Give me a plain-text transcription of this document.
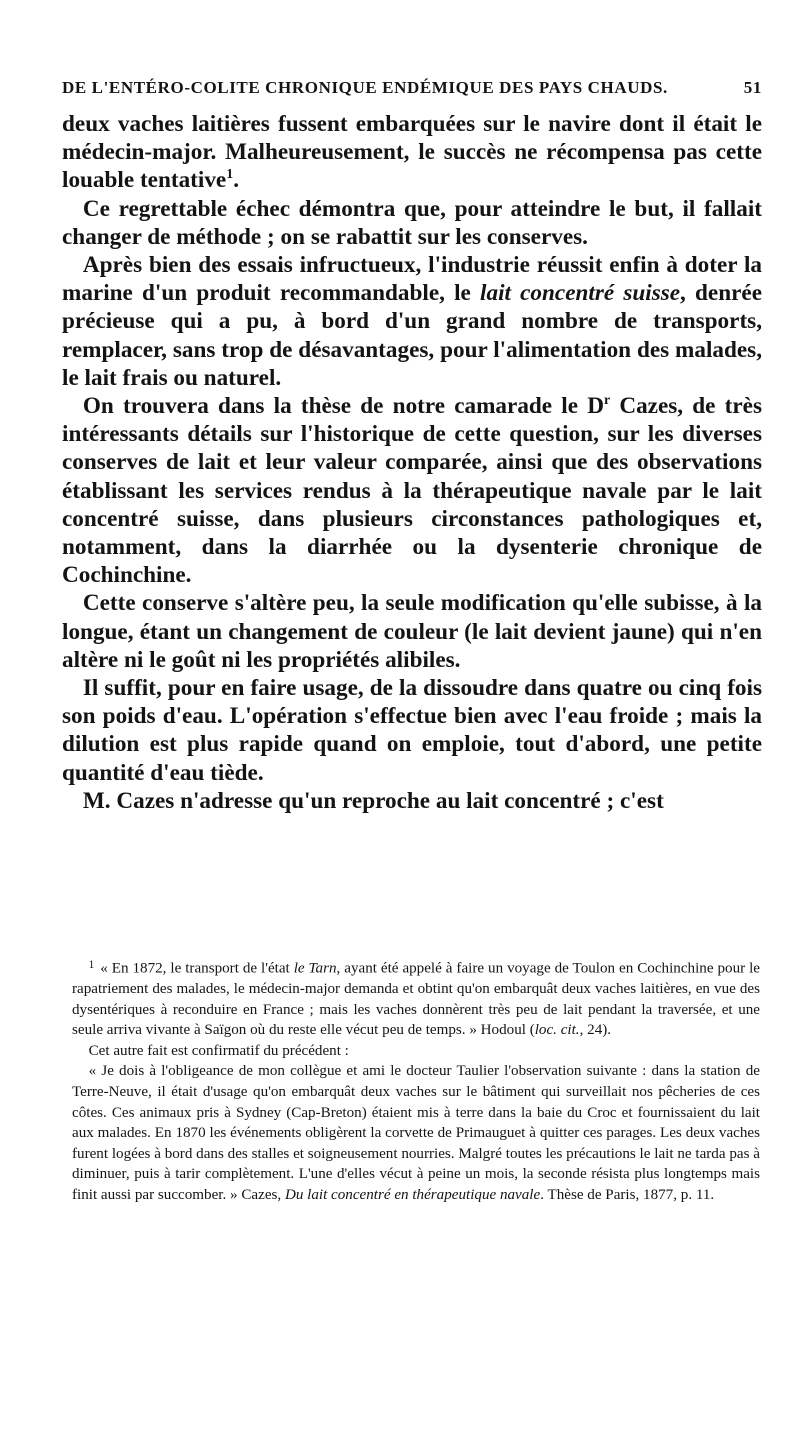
DE L'ENTÉRO-COLITE CHRONIQUE ENDÉMIQUE DES PAYS CHAUDS.	51

deux vaches laitières fussent embarquées sur le navire dont il était le médecin-major. Malheureusement, le succès ne récompensa pas cette louable tentative$^1$.

Ce regrettable échec démontra que, pour atteindre le but, il fallait changer de méthode ; on se rabattit sur les conserves.

Après bien des essais infructueux, l'industrie réussit enfin à doter la marine d'un produit recommandable, le lait concentré suisse, denrée précieuse qui a pu, à bord d'un grand nombre de transports, remplacer, sans trop de désavantages, pour l'alimentation des malades, le lait frais ou naturel.

On trouvera dans la thèse de notre camarade le $D^r$ Cazes, de très intéressants détails sur l'historique de cette question, sur les diverses conserves de lait et leur valeur comparée, ainsi que des observations établissant les services rendus à la thérapeutique navale par le lait concentré suisse, dans plusieurs circonstances pathologiques et, notamment, dans la diarrhée ou la dysenterie chronique de Cochinchine.

Cette conserve s'altère peu, la seule modification qu'elle subisse, à la longue, étant un changement de couleur (le lait devient jaune) qui n'en altère ni le goût ni les propriétés alibiles.

Il suffit, pour en faire usage, de la dissoudre dans quatre ou cinq fois son poids d'eau. L'opération s'effectue bien avec l'eau froide ; mais la dilution est plus rapide quand on emploie, tout d'abord, une petite quantité d'eau tiède.

M. Cazes n'adresse qu'un reproche au lait concentré ; c'est

$^1$ « En 1872, le transport de l'état le Tarn, ayant été appelé à faire un voyage de Toulon en Cochinchine pour le rapatriement des malades, le médecin-major demanda et obtint qu'on embarquât deux vaches laitières, en vue des dysentériques à reconduire en France ; mais les vaches donnèrent très peu de lait pendant la traversée, et une seule arriva vivante à Saïgon où du reste elle vécut peu de temps. » Hodoul (loc. cit., 24).

Cet autre fait est confirmatif du précédent :

« Je dois à l'obligeance de mon collègue et ami le docteur Taulier l'observation suivante : dans la station de Terre-Neuve, il était d'usage qu'on embarquât deux vaches sur le bâtiment qui surveillait nos pêcheries de ces côtes. Ces animaux pris à Sydney (Cap-Breton) étaient mis à terre dans la baie du Croc et fournissaient du lait aux malades. En 1870 les événements obligèrent la corvette de Primauguet à quitter ces parages. Les deux vaches furent logées à bord dans des stalles et soigneusement nourries. Malgré toutes les précautions le lait ne tarda pas à diminuer, puis à tarir complètement. L'une d'elles vécut à peine un mois, la seconde résista plus longtemps mais finit aussi par succomber. » Cazes, Du lait concentré en thérapeutique navale. Thèse de Paris, 1877, p. 11.
